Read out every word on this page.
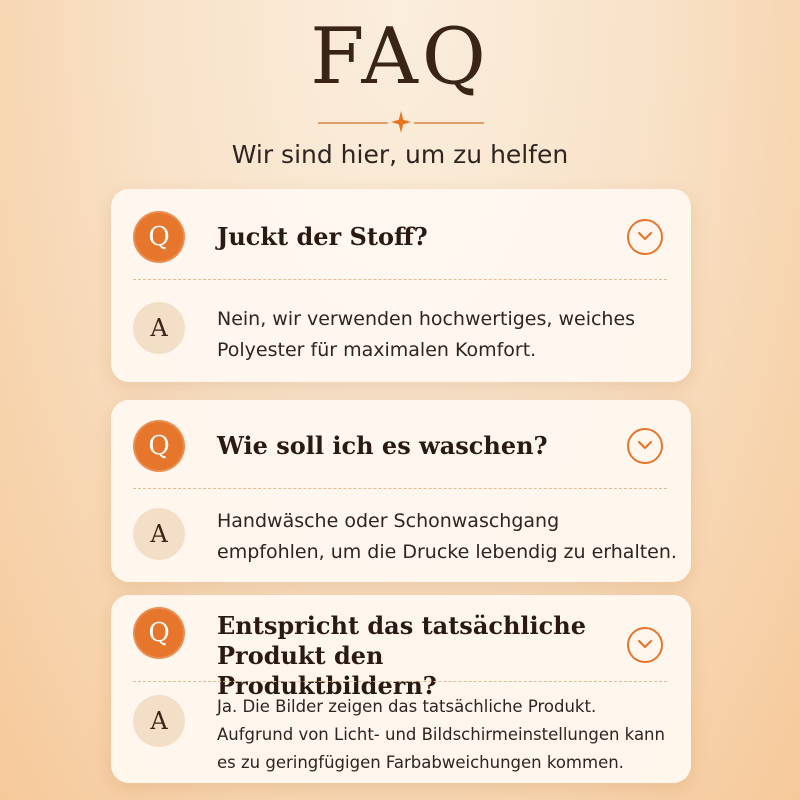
FAQ
Wir sind hier, um zu helfen
Q	Juckt der Stoff?
A	Nein, wir verwenden hochwertiges, weiches
Polyester für maximalen Komfort.
Q	Wie soll ich es waschen?
A	Handwäsche oder Schonwaschgang
empfohlen, um die Drucke lebendig zu erhalten.
Q	Entspricht das tatsächliche
Produkt den Produktbildern?
A
Ja. Die Bilder zeigen das tatsächliche Produkt.
Aufgrund von Licht- und Bildschirmeinstellungen kann
es zu geringfügigen Farbabweichungen kommen.
